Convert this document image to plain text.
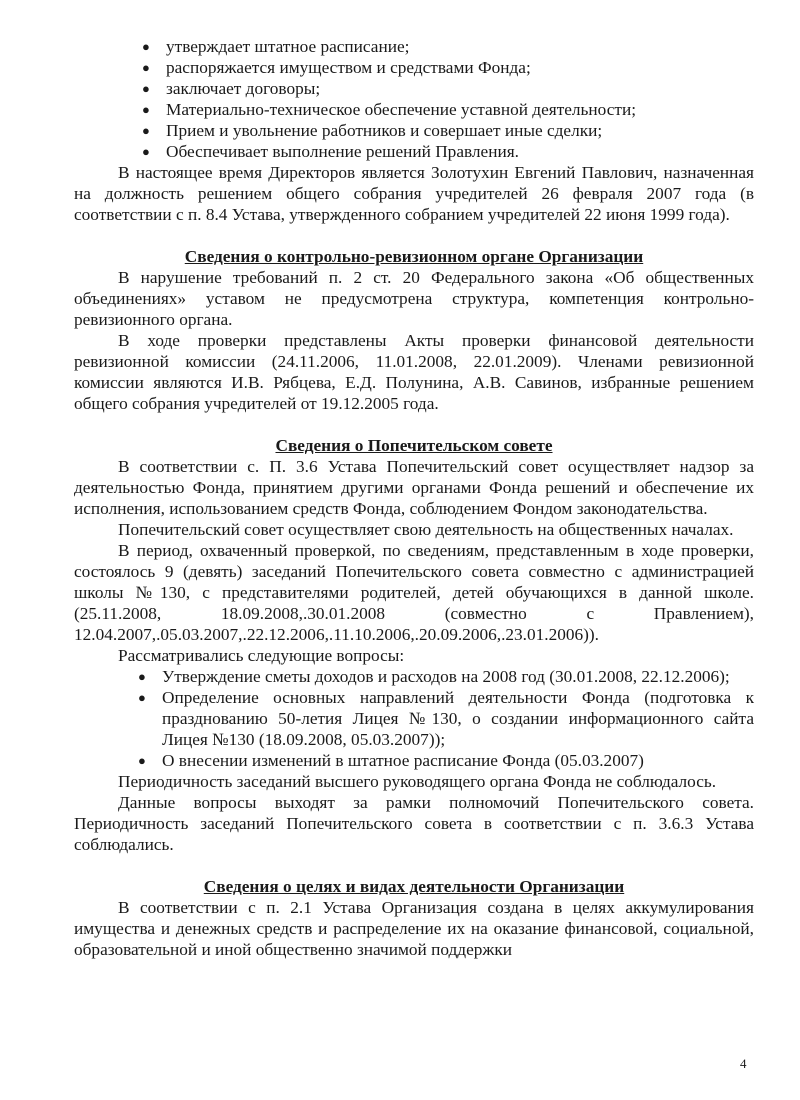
● утверждает штатное расписание;
● распоряжается имуществом и средствами Фонда;
● заключает договоры;
● Материально-техническое обеспечение уставной деятельности;
● Прием и увольнение работников и совершает иные сделки;
● Обеспечивает выполнение решений Правления.

В настоящее время Директоров является Золотухин Евгений Павлович, назначенная на должность решением общего собрания учредителей 26 февраля 2007 года (в соответствии с п. 8.4 Устава, утвержденного собранием учредителей 22 июня 1999 года).

Сведения о контрольно-ревизионном органе Организации

В нарушение требований п. 2 ст. 20 Федерального закона «Об общественных объединениях» уставом не предусмотрена структура, компетенция контрольно-ревизионного органа.

В ходе проверки представлены Акты проверки финансовой деятельности ревизионной комиссии (24.11.2006, 11.01.2008, 22.01.2009). Членами ревизионной комиссии являются И.В. Рябцева, Е.Д. Полунина, А.В. Савинов, избранные решением общего собрания учредителей от 19.12.2005 года.

Сведения о Попечительском совете

В соответствии с. П. 3.6 Устава Попечительский совет осуществляет надзор за деятельностью Фонда, принятием другими органами Фонда решений и обеспечение их исполнения, использованием средств Фонда, соблюдением Фондом законодательства.

Попечительский совет осуществляет свою деятельность на общественных началах.

В период, охваченный проверкой, по сведениям, представленным в ходе проверки, состоялось 9 (девять) заседаний Попечительского совета совместно с администрацией школы №130, с представителями родителей, детей обучающихся в данной школе. (25.11.2008, 18.09.2008,.30.01.2008 (совместно с Правлением), 12.04.2007,.05.03.2007,.22.12.2006,.11.10.2006,.20.09.2006,.23.01.2006)).

Рассматривались следующие вопросы:

● Утверждение сметы доходов и расходов на 2008 год (30.01.2008, 22.12.2006);
● Определение основных направлений деятельности Фонда (подготовка к празднованию 50-летия Лицея №130, о создании информационного сайта Лицея №130 (18.09.2008, 05.03.2007));
● О внесении изменений в штатное расписание Фонда (05.03.2007)

Периодичность заседаний высшего руководящего органа Фонда не соблюдалось.

Данные вопросы выходят за рамки полномочий Попечительского совета. Периодичность заседаний Попечительского совета в соответствии с п. 3.6.3 Устава соблюдались.

Сведения о целях и видах деятельности Организации

В соответствии с п. 2.1 Устава Организация создана в целях аккумулирования имущества и денежных средств и распределение их на оказание финансовой, социальной, образовательной и иной общественно значимой поддержки

4
